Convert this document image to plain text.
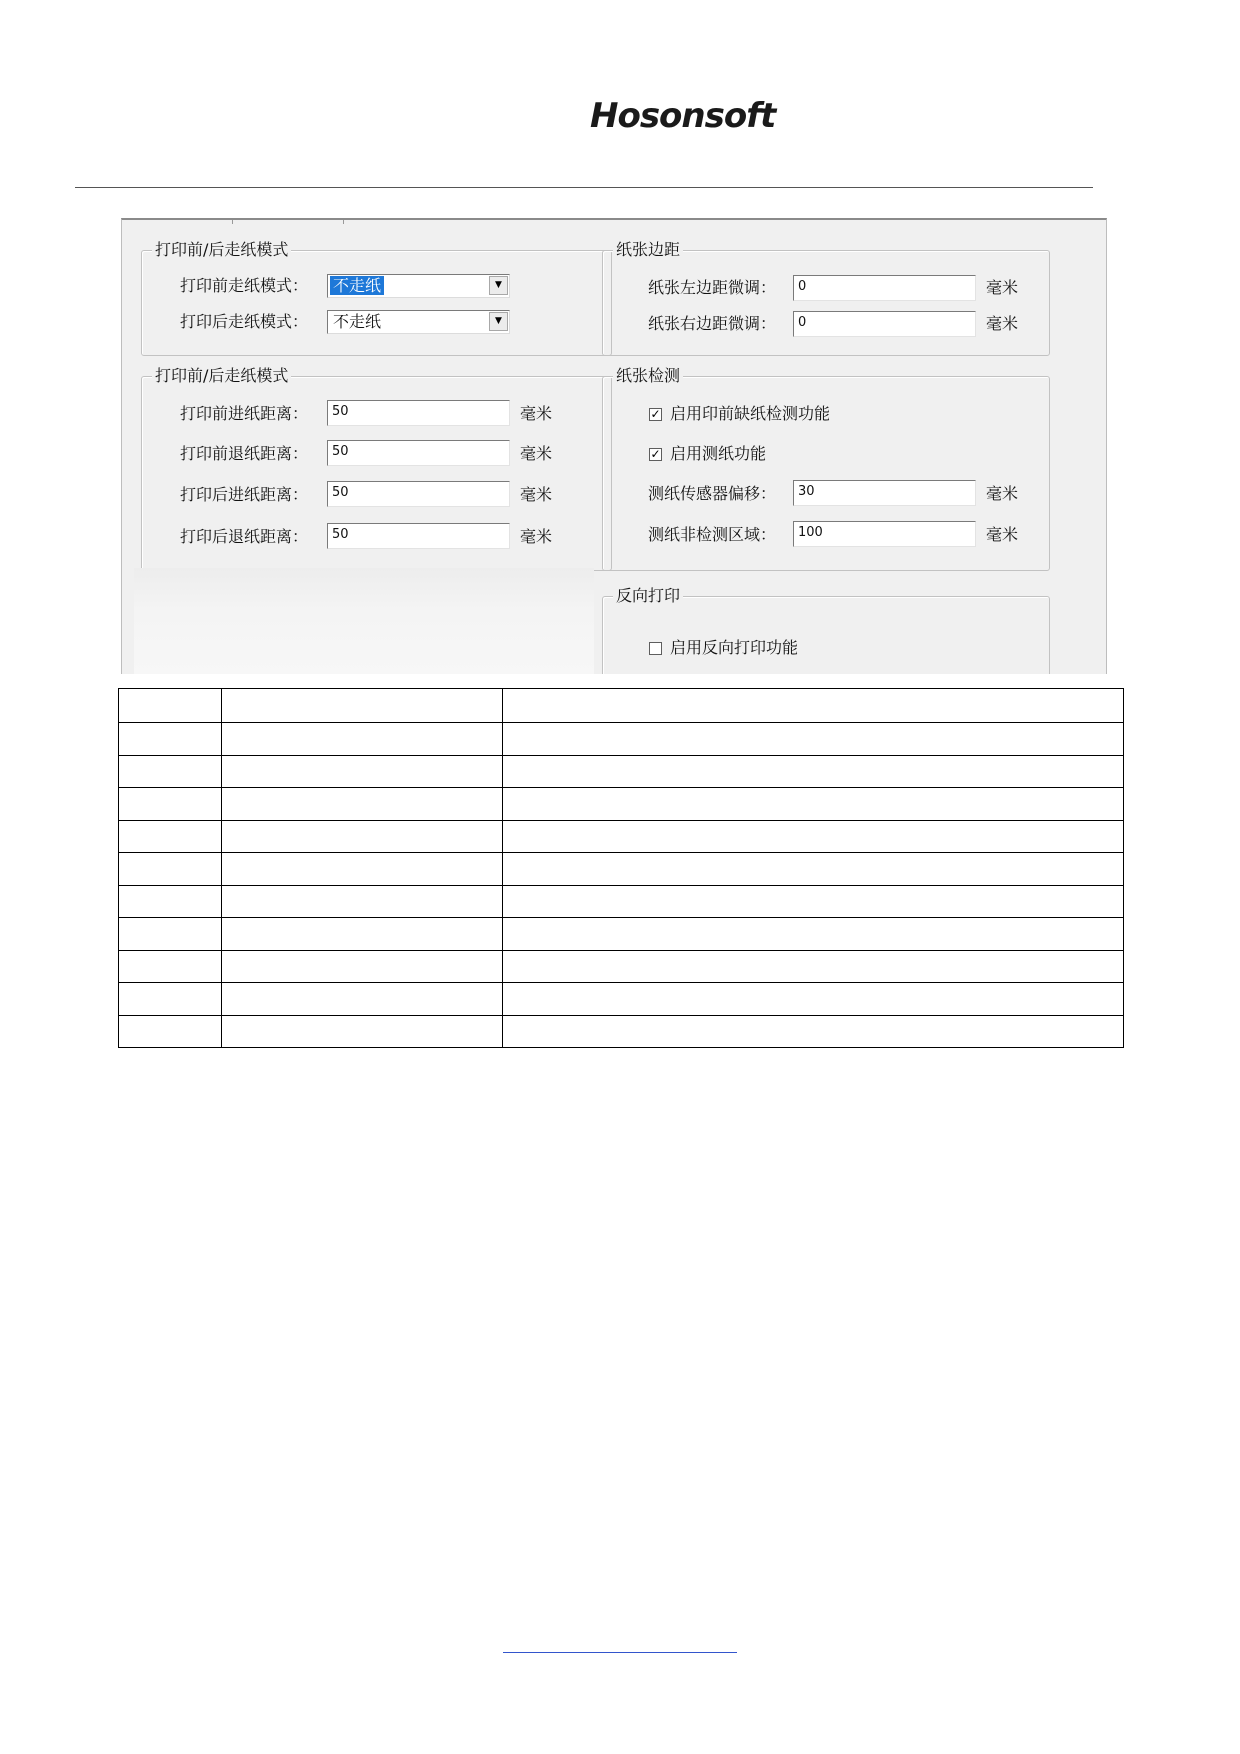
Hosonsoft
打印前/后走纸模式
打印前走纸模式： 不走纸	▼
打印后走纸模式： 不走纸	▼
纸张边距
纸张左边距微调：	0	毫米
纸张右边距微调：	0	毫米
打印前/后走纸模式
打印前进纸距离：	50	毫米
打印前退纸距离：	50	毫米
打印后进纸距离：	50	毫米
打印后退纸距离：	50	毫米
纸张检测
✓ 启用印前缺纸检测功能
✓ 启用测纸功能
测纸传感器偏移：	30	毫米
测纸非检测区域：	100	毫米
反向打印
启用反向打印功能
